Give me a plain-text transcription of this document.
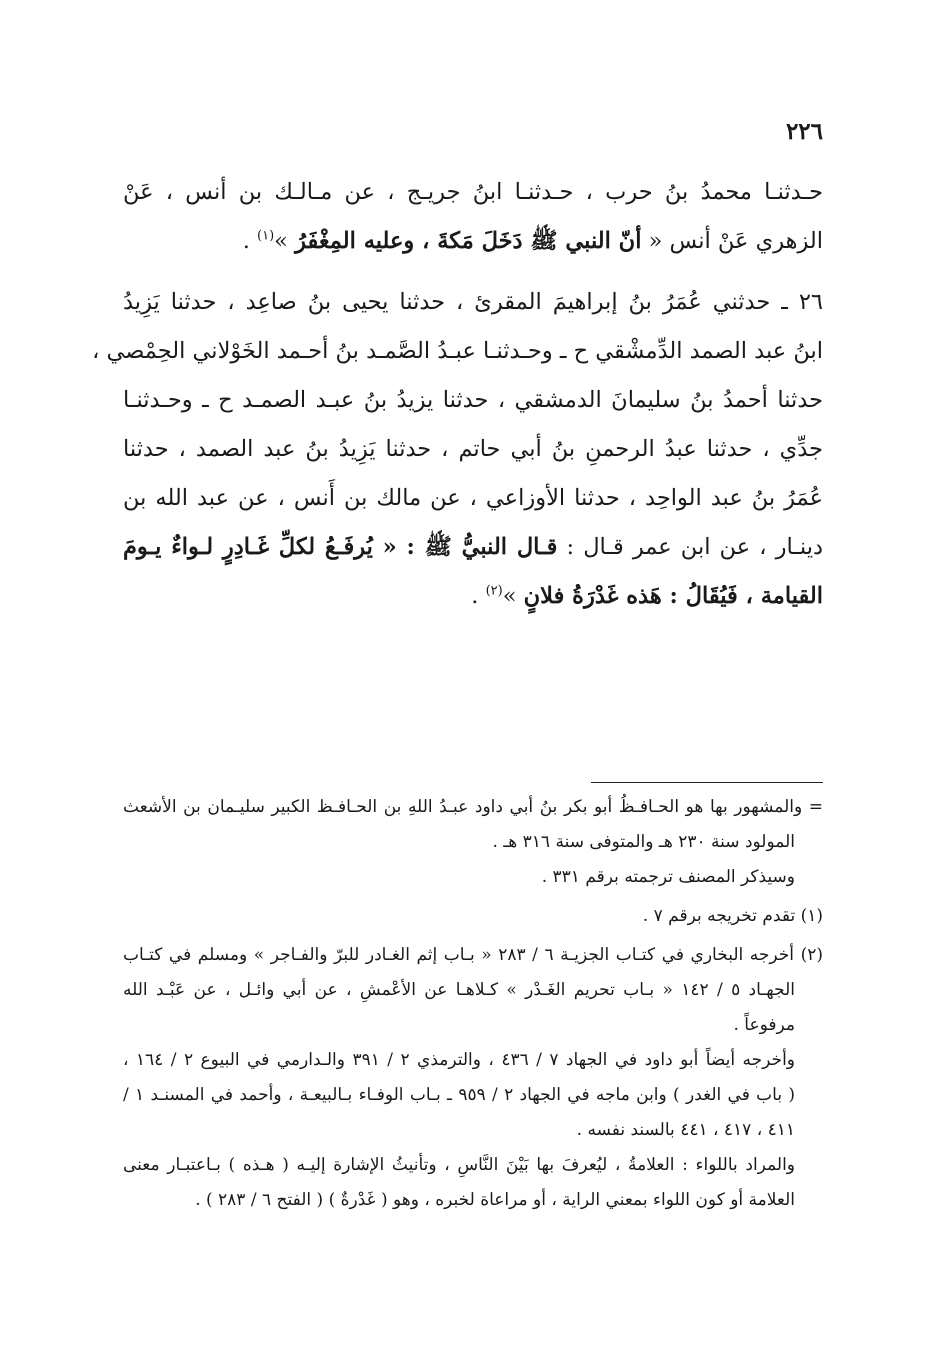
٢٢٦

حـدثنـا محمدُ بنُ حرب ، حـدثنـا ابنُ جريـج ، عن مـالـك بن أنس ، عَنْ
الزهري عَنْ أنس « أنّ النبي ﷺ دَخَلَ مَكةَ ، وعليه المِغْفَرُ »$^{(١)}$ .

٢٦ ـ حدثني عُمَرُ بنُ إبراهيمَ المقرئ ، حدثنا يحيى بنُ صاعِد ، حدثنا يَزِيدُ
ابنُ عبد الصمد الدِّمشْقي ح ـ وحـدثنـا عبـدُ الصَّمـد بنُ أحـمد الخَوْلاني الحِمْصي ،
حدثنا أحمدُ بنُ سليمانَ الدمشقي ، حدثنا يزيدُ بنُ عبـد الصمـد ح ـ وحـدثنـا
جدِّي ، حدثنا عبدُ الرحمنِ بنُ أبي حاتم ، حدثنا يَزِيدُ بنُ عبد الصمد ، حدثنا
عُمَرُ بنُ عبد الواحِد ، حدثنا الأوزاعي ، عن مالك بن أَنس ، عن عبد الله بن
دينـار ، عن ابن عمر قـال : قـال النبيُّ ﷺ : « يُرفَـعُ لكلِّ غَـادِرٍ لـواءٌ يـومَ
القيامة ، فَيُقَالُ : هَذه غَدْرَةُ فلانٍ »$^{(٢)}$ .

= والمشهور بها هو الحـافـظُ أبو بكر بنُ أبي داود عبـدُ اللهِ بن الحـافـظ الكبير سليـمان بن الأشعث
المولود سنة ٢٣٠ هـ والمتوفى سنة ٣١٦ هـ .
وسيذكر المصنف ترجمته برقم ٣٣١ .
(١) تقدم تخريجه برقم ٧ .
(٢) أخرجه البخاري في كتـاب الجزيـة ٦ / ٢٨٣ « بـاب إثم الغـادر للبرّ والفـاجر » ومسلم في كتـاب
الجهـاد ٥ / ١٤٢ « بـاب تحريم الغَـدْر » كـلاهـا عن الأعْمشِ ، عن أبي وائـل ، عن عَبْـد الله
مرفوعاً .
وأخرجه أيضاً أبو داود في الجهاد ٧ / ٤٣٦ ، والترمذي ٢ / ٣٩١ والـدارمي في البيوع ٢ / ١٦٤ ،
( باب في الغدر ) وابن ماجه في الجهاد ٢ / ٩٥٩ ـ بـاب الوفـاء بـالبيعـة ، وأحمد في المسنـد ١ /
٤١١ ، ٤١٧ ، ٤٤١ بالسند نفسه .
والمراد باللواء : العلامةُ ، ليُعرفَ بها بَيْنَ النَّاسِ ، وتأنيثُ الإشارة إليـه ( هـذه ) بـاعتبـار معنى
العلامة أو كون اللواء بمعني الراية ، أو مراعاة لخبره ، وهو ( غَدْرةٌ ) ( الفتح ٦ / ٢٨٣ ) .
